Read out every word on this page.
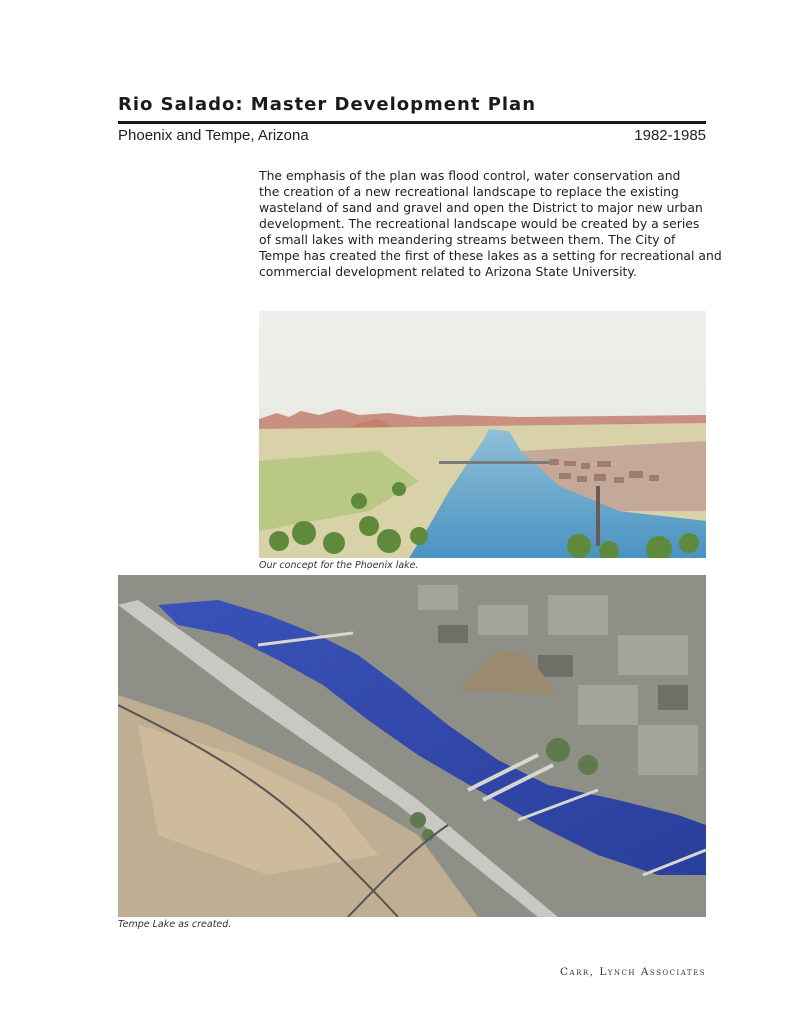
Rio Salado: Master Development Plan
Phoenix and Tempe, Arizona	1982-1985
The emphasis of the plan was flood control, water conservation and
the creation of a new recreational landscape to replace the existing
wasteland of sand and gravel and open the District to major new urban
development. The recreational landscape would be created by a series
of small lakes with meandering streams between them. The City of
Tempe has created the first of these lakes as a setting for recreational and
commercial development related to Arizona State University.
Our concept for the Phoenix lake.
Tempe Lake as created.
Carr, Lynch Associates
